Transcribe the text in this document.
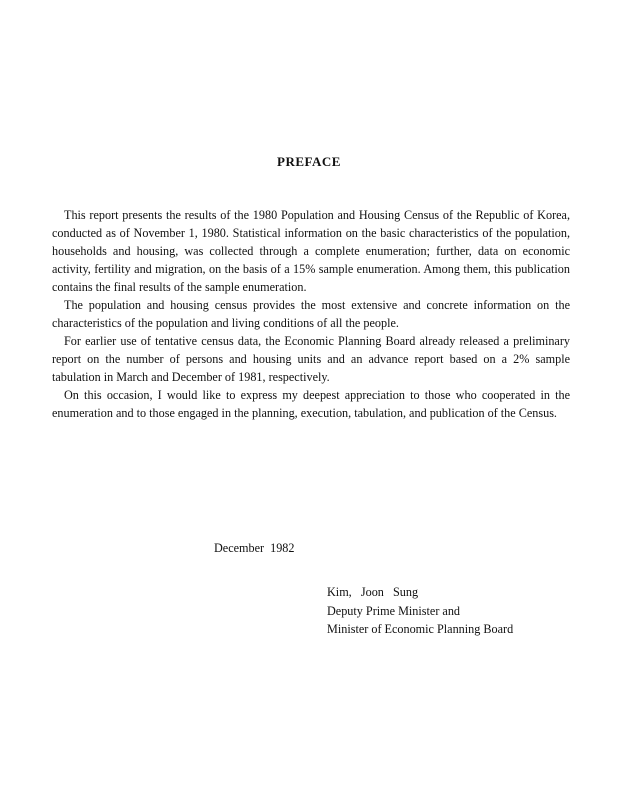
PREFACE

This report presents the results of the 1980 Population and Housing Census of the Republic of Korea, conducted as of November 1, 1980. Statistical information on the basic characteristics of the population, households and housing, was collected through a complete enumeration; further, data on economic activity, fertility and migration, on the basis of a 15% sample enumeration. Among them, this publication contains the final results of the sample enumeration.

The population and housing census provides the most extensive and concrete information on the characteristics of the population and living conditions of all the people.

For earlier use of tentative census data, the Economic Planning Board already released a preliminary report on the number of persons and housing units and an advance report based on a 2% sample tabulation in March and December of 1981, respectively.

On this occasion, I would like to express my deepest appreciation to those who cooperated in the enumeration and to those engaged in the planning, execution, tabulation, and publication of the Census.

December 1982
Kim,   Joon   Sung
Deputy Prime Minister and
Minister of Economic Planning Board
